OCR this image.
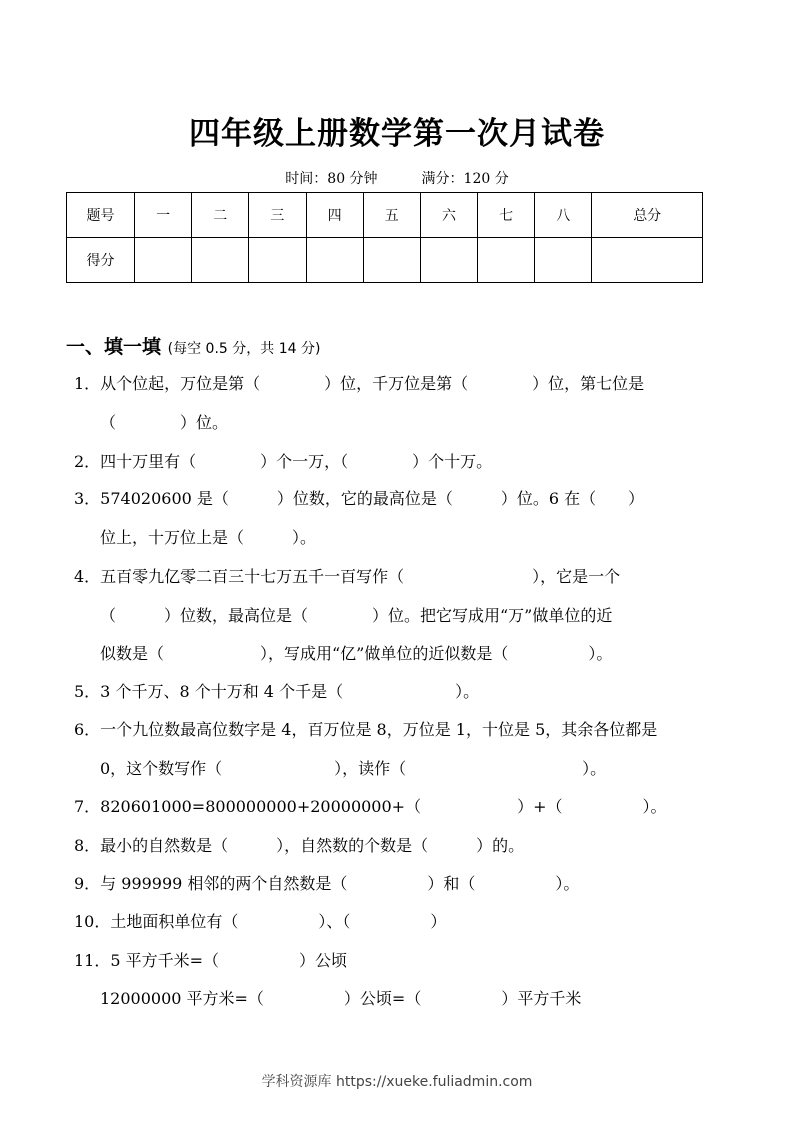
四年级上册数学第一次月试卷
时间：80 分钟	满分：120 分
题号	一	二	三	四	五	六	七	八	总分
得分									
一、填一填 (每空 0.5 分，共 14 分)
1．从个位起，万位是第（　　　　）位，千万位是第（　　　　）位，第七位是
（　　　　）位。
2．四十万里有（　　　　）个一万，（　　　　）个十万。
3．574020600 是（　　　）位数，它的最高位是（　　　）位。6 在（　　）
位上，十万位上是（　　　）。
4．五百零九亿零二百三十七万五千一百写作（　　　　　　　　），它是一个
（　　　）位数，最高位是（　　　　）位。把它写成用“万”做单位的近
似数是（　　　　　　），写成用“亿”做单位的近似数是（　　　　　）。
5．3 个千万、8 个十万和 4 个千是（　　　　　　　）。
6．一个九位数最高位数字是 4，百万位是 8，万位是 1，十位是 5，其余各位都是
0，这个数写作（　　　　　　　），读作（　　　　　　　　　　　）。
7．820601000=800000000+20000000+（　　　　　　）+（　　　　　）。
8．最小的自然数是（　　　），自然数的个数是（　　　）的。
9．与 999999 相邻的两个自然数是（　　　　　）和（　　　　　）。
10．土地面积单位有（　　　　　）、（　　　　　）
11．5 平方千米=（　　　　　）公顷
12000000 平方米=（　　　　　）公顷=（　　　　　）平方千米
学科资源库 https://xueke.fuliadmin.com
